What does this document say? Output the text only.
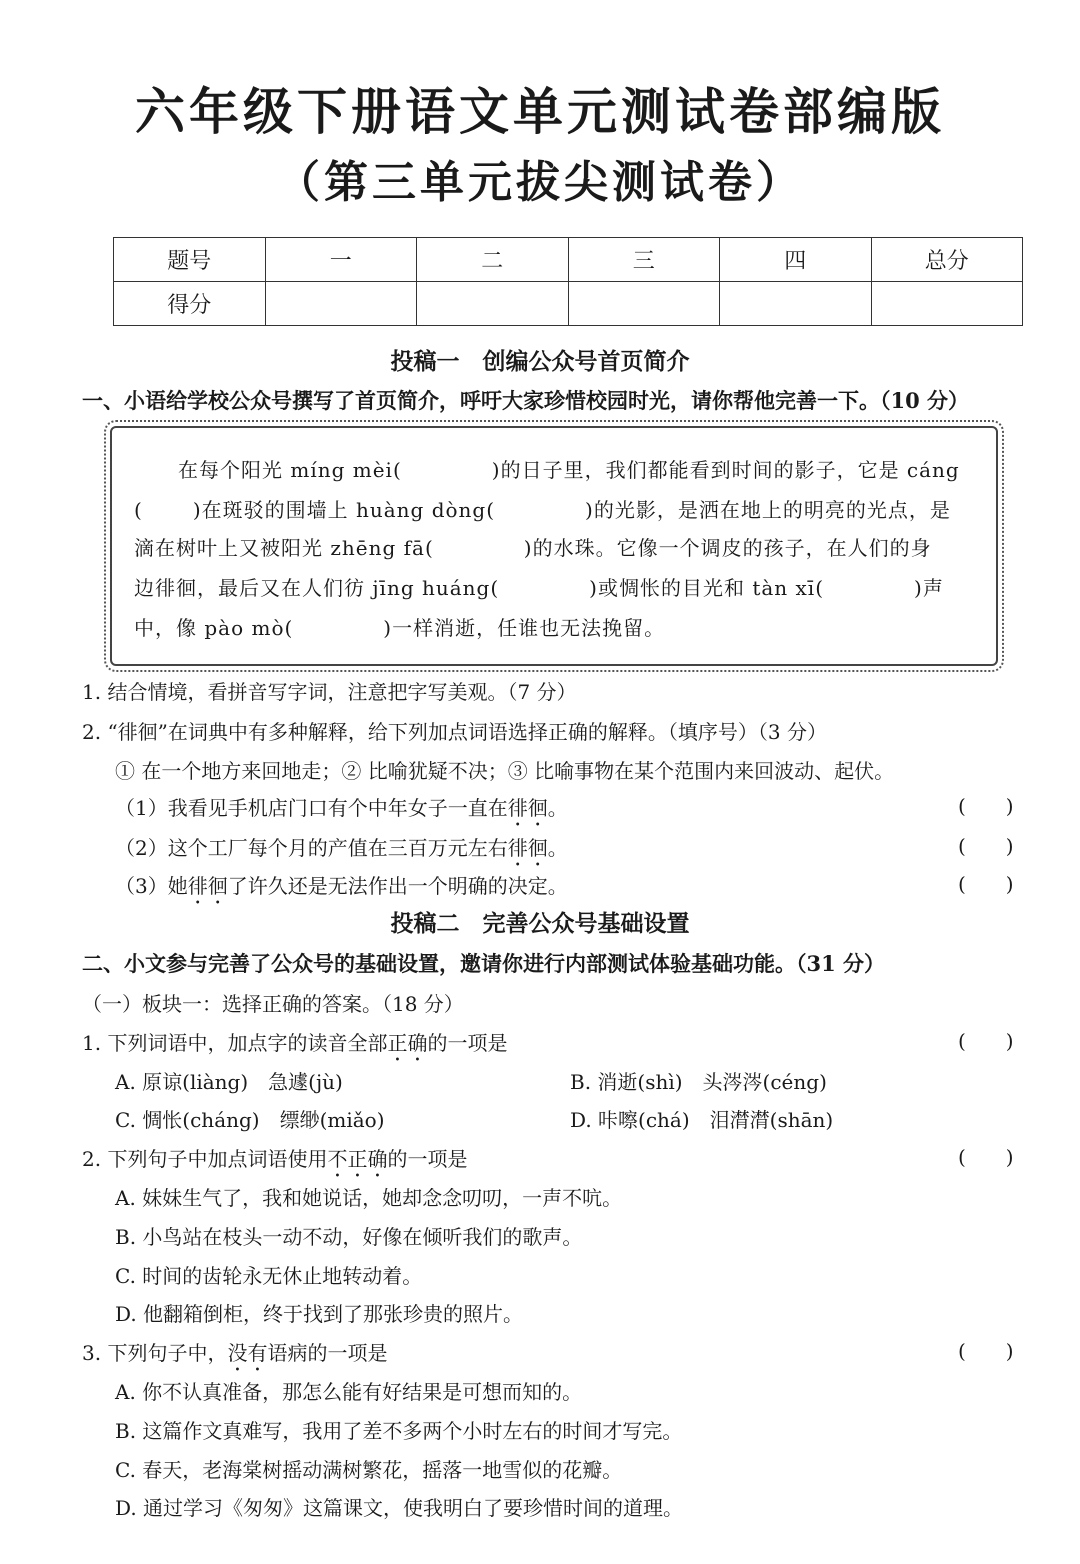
六年级下册语文单元测试卷部编版
（第三单元拔尖测试卷）
题号	一	二	三	四	总分
得分					
投稿一　创编公众号首页简介
一、小语给学校公众号撰写了首页简介，呼吁大家珍惜校园时光，请你帮他完善一下。（10 分）
在每个阳光 míng mèi(	)的日子里，我们都能看到时间的影子，它是 cáng
(	)在斑驳的围墙上 huàng dòng(	)的光影，是洒在地上的明亮的光点，是
滴在树叶上又被阳光 zhēng fā(	)的水珠。它像一个调皮的孩子，在人们的身
边徘徊，最后又在人们彷 jīng huáng(	)或惆怅的目光和 tàn xī(	)声
中，像 pào mò(	)一样消逝，任谁也无法挽留。
1. 结合情境，看拼音写字词，注意把字写美观。（7 分）
2. “徘徊”在词典中有多种解释，给下列加点词语选择正确的解释。（填序号）（3 分）
① 在一个地方来回地走；② 比喻犹疑不决；③ 比喻事物在某个范围内来回波动、起伏。
（1）我看见手机店门口有个中年女子一直在徘徊。	(　　)
（2）这个工厂每个月的产值在三百万元左右徘徊。	(　　)
（3）她徘徊了许久还是无法作出一个明确的决定。	(　　)
投稿二　完善公众号基础设置
二、小文参与完善了公众号的基础设置，邀请你进行内部测试体验基础功能。（31 分）
（一）板块一：选择正确的答案。（18 分）
1. 下列词语中，加点字的读音全部正确的一项是	(　　)
A. 原谅(liàng)　急遽(jù)	B. 消逝(shì)　头涔涔(céng)
C. 惆怅(cháng)　缥缈(miǎo)	D. 咔嚓(chá)　泪潸潸(shān)
2. 下列句子中加点词语使用不正确的一项是	(　　)
A. 妹妹生气了，我和她说话，她却念念叨叨，一声不吭。
B. 小鸟站在枝头一动不动，好像在倾听我们的歌声。
C. 时间的齿轮永无休止地转动着。
D. 他翻箱倒柜，终于找到了那张珍贵的照片。
3. 下列句子中，没有语病的一项是	(　　)
A. 你不认真准备，那怎么能有好结果是可想而知的。
B. 这篇作文真难写，我用了差不多两个小时左右的时间才写完。
C. 春天，老海棠树摇动满树繁花，摇落一地雪似的花瓣。
D. 通过学习《匆匆》这篇课文，使我明白了要珍惜时间的道理。
